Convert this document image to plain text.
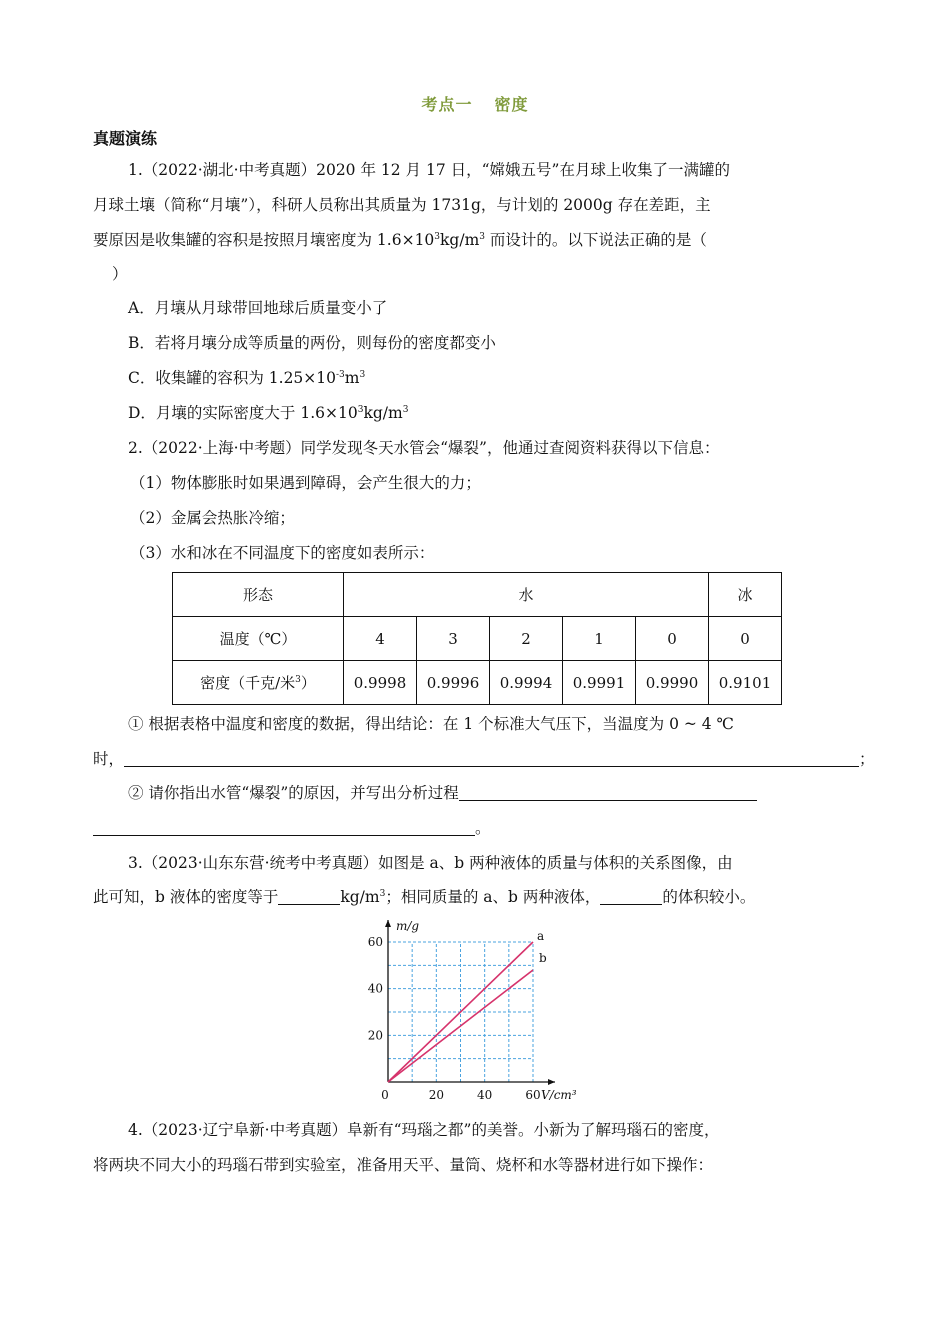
考点一 密度
真题演练
1.（2022·湖北·中考真题）2020 年 12 月 17 日，“嫦娥五号”在月球上收集了一满罐的
月球土壤（简称“月壤”），科研人员称出其质量为 1731g，与计划的 2000g 存在差距，主
要原因是收集罐的容积是按照月壤密度为 $1.6\times 10^3kg/m^3$ 而设计的。以下说法正确的是（
）
A．月壤从月球带回地球后质量变小了
B．若将月壤分成等质量的两份，则每份的密度都变小
C．收集罐的容积为 $1.25\times 10^{-3}m^3$
D．月壤的实际密度大于 $1.6\times 10^3kg/m^3$
2.（2022·上海·中考题）同学发现冬天水管会“爆裂”，他通过查阅资料获得以下信息：
（1）物体膨胀时如果遇到障碍，会产生很大的力；
（2）金属会热胀冷缩；
（3）水和冰在不同温度下的密度如表所示：
形态	水					冰
温度（℃）	4	3	2	1	0	0
密度（千克/米$^3$）	0.9998	0.9996	0.9994	0.9991	0.9990	0.9101
① 根据表格中温度和密度的数据，得出结论：在 1 个标准大气压下，当温度为 0 ~ 4 ℃
时，	；
② 请你指出水管“爆裂”的原因，并写出分析过程
。
3.（2023·山东东营·统考中考真题）如图是 a、b 两种液体的质量与体积的关系图像，由
此可知，b 液体的密度等于	$kg/m^3$；相同质量的 a、b 两种液体，	的体积较小。
0	20	40	60
20
40
60
V/cm³
m/g
a
b
4.（2023·辽宁阜新·中考真题）阜新有“玛瑙之都”的美誉。小新为了解玛瑙石的密度，
将两块不同大小的玛瑙石带到实验室，准备用天平、量筒、烧杯和水等器材进行如下操作：
